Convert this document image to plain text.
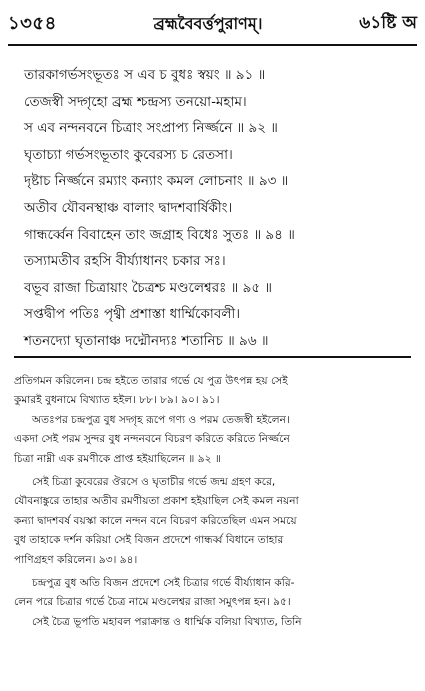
১৩৫৪	ব্রহ্মবৈবর্ত্তপুরাণম্।	৬১ষ্টি অ
তারকাগর্ভসংভূতঃ স এব চ বুধঃ স্বয়ং ॥ ৯১ ॥
তেজস্বী সদ্গৃহো ব্রহ্ম শ্চন্দ্রস্য তনয়ো-মহাম।
স এব নন্দনবনে চিত্রাং সংপ্রাপ্য নির্জ্জনে ॥ ৯২ ॥
ঘৃতাচ্যা গর্ভসংভূতাং কুবেরস্য চ রেতসা।
দৃষ্টাচ নির্জ্জনে রম্যাং কন্যাং কমল লোচনাং ॥ ৯৩ ॥
অতীব যৌবনস্থাঞ্চ বালাং দ্বাদশবার্ষিকীং।
গান্ধর্ব্বেন বিবাহেন তাং জগ্রাহ বিধেঃ সুতঃ ॥ ৯৪ ॥
তস্যামতীব রহসি বীর্য্যাধানং চকার সঃ।
বভূব রাজা চিত্রায়াং চৈত্রশ্চ মণ্ডলেশ্বরঃ ॥ ৯৫ ॥
সপ্তদ্বীপ পতিঃ পৃথ্বী প্রশাস্তা ধার্ম্মিকোবলী।
শতনদ্যো ঘৃতানাঞ্চ দদ্মৌনদ্যঃ শতানিচ ॥ ৯৬ ॥
প্রতিগমন করিলেন। চন্দ্র হইতে তারার গর্ভে যে পুত্র উৎপন্ন হয় সেই
কুমারই বুধনামে বিখ্যাত হইল। ৮৮। ৮৯। ৯০। ৯১।
অতঃপর চন্দ্রপুত্র বুধ সদ্গৃহ রূপে গণ্য ও পরম তেজস্বী হইলেন।
একদা সেই পরম সুন্দর বুধ নন্দনবনে বিচরণ করিতে করিতে নির্জ্জনে
চিত্রা নাম্নী এক রমণীকে প্রাপ্ত হইয়াছিলেন ॥ ৯২ ॥
সেই চিত্রা কুবেরের ঔরসে ও ঘৃতাচীর গর্ভে জন্ম গ্রহণ করে,
যৌবনাঙ্কুরে তাহার অতীব রমণীয়তা প্রকাশ হইয়াছিল সেই কমল নয়না
কন্যা দ্বাদশবর্ষ বয়স্কা কালে নন্দন বনে বিচরণ করিতেছিল এমন সময়ে
বুধ তাহাকে দর্শন করিয়া সেই বিজন প্রদেশে গান্ধর্ব্ব বিধানে তাহার
পাণিগ্রহণ করিলেন। ৯৩। ৯৪।
চন্দ্রপুত্র বুধ অতি বিজন প্রদেশে সেই চিত্রার গর্ভে বীর্য্যাধান করি-
লেন পরে চিত্রার গর্ভে চৈত্র নামে মণ্ডলেশ্বর রাজা সমুৎপন্ন হন। ৯৫।
সেই চৈত্র ভূপতি মহাবল পরাক্রান্ত ও ধার্ম্মিক বলিয়া বিখ্যাত, তিনি
